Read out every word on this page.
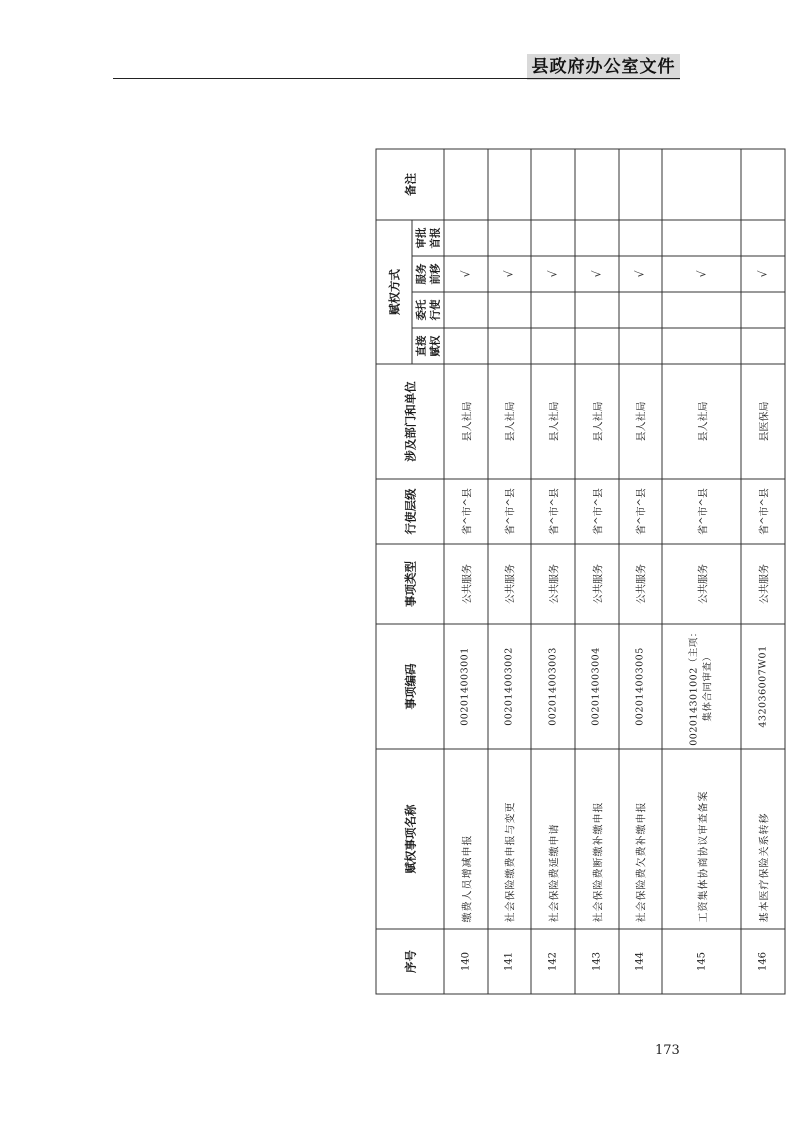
县政府办公室文件
序号	赋权事项名称	事项编码	事项类型	行使层级	涉及部门和单位	赋权方式				备注
						直接赋权	委托行使	服务前移	审批首报	
140	缴费人员增减申报	002014003001	公共服务	省^市^县	县人社局			√		
141	社会保险缴费申报与变更	002014003002	公共服务	省^市^县	县人社局			√		
142	社会保险费延缴申请	002014003003	公共服务	省^市^县	县人社局			√		
143	社会保险费断缴补缴申报	002014003004	公共服务	省^市^县	县人社局			√		
144	社会保险费欠费补缴申报	002014003005	公共服务	省^市^县	县人社局			√		
145	工资集体协商协议审查备案	002014301002（主项：集体合同审查）	公共服务	省^市^县	县人社局			√		
146	基本医疗保险关系转移	432036007W01	公共服务	省^市^县	县医保局			√		
173
